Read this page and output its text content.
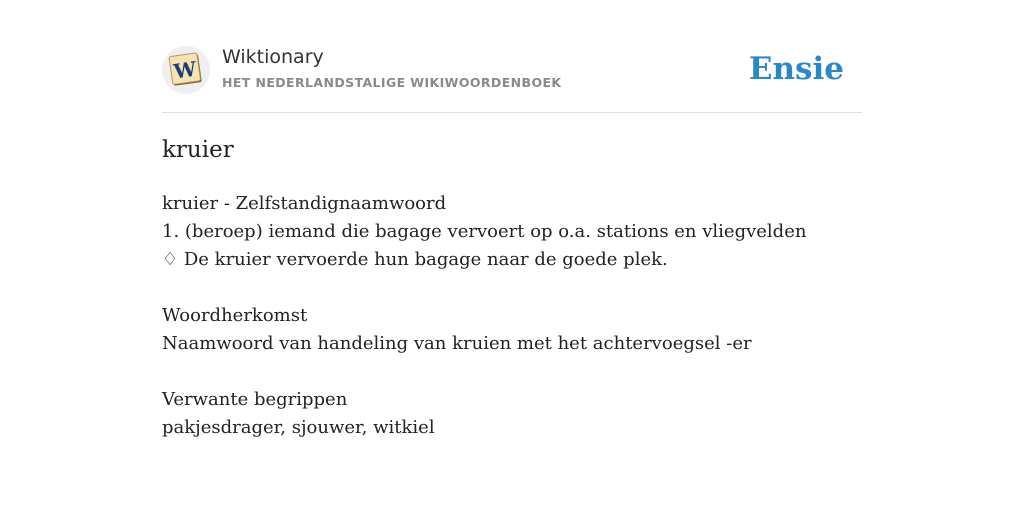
W Wiktionary
HET NEDERLANDSTALIGE WIKIWOORDENBOEK	Ensie
kruier
kruier - Zelfstandignaamwoord
1. (beroep) iemand die bagage vervoert op o.a. stations en vliegvelden
♢ De kruier vervoerde hun bagage naar de goede plek.
Woordherkomst
Naamwoord van handeling van kruien met het achtervoegsel -er
Verwante begrippen
pakjesdrager, sjouwer, witkiel
